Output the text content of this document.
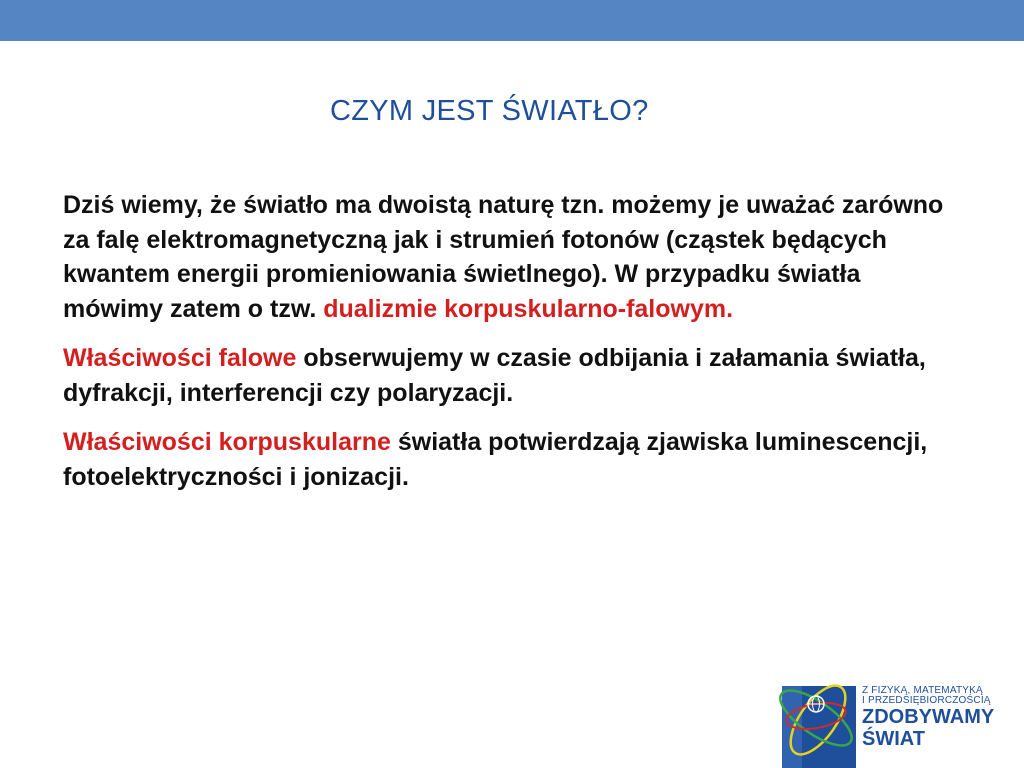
CZYM JEST ŚWIATŁO?

Dziś wiemy, że światło ma dwoistą naturę tzn. możemy je uważać zarówno za falę elektromagnetyczną jak i strumień fotonów (cząstek będących kwantem energii promieniowania świetlnego). W przypadku światła mówimy zatem o tzw. dualizmie korpuskularno-falowym.

Właściwości falowe obserwujemy w czasie odbijania i załamania światła, dyfrakcji, interferencji czy polaryzacji.

Właściwości korpuskularne światła potwierdzają zjawiska luminescencji, fotoelektryczności i jonizacji.

Z FIZYKĄ, MATEMATYKĄ
I PRZEDSIĘBIORCZOŚCIĄ
ZDOBYWAMY
ŚWIAT
